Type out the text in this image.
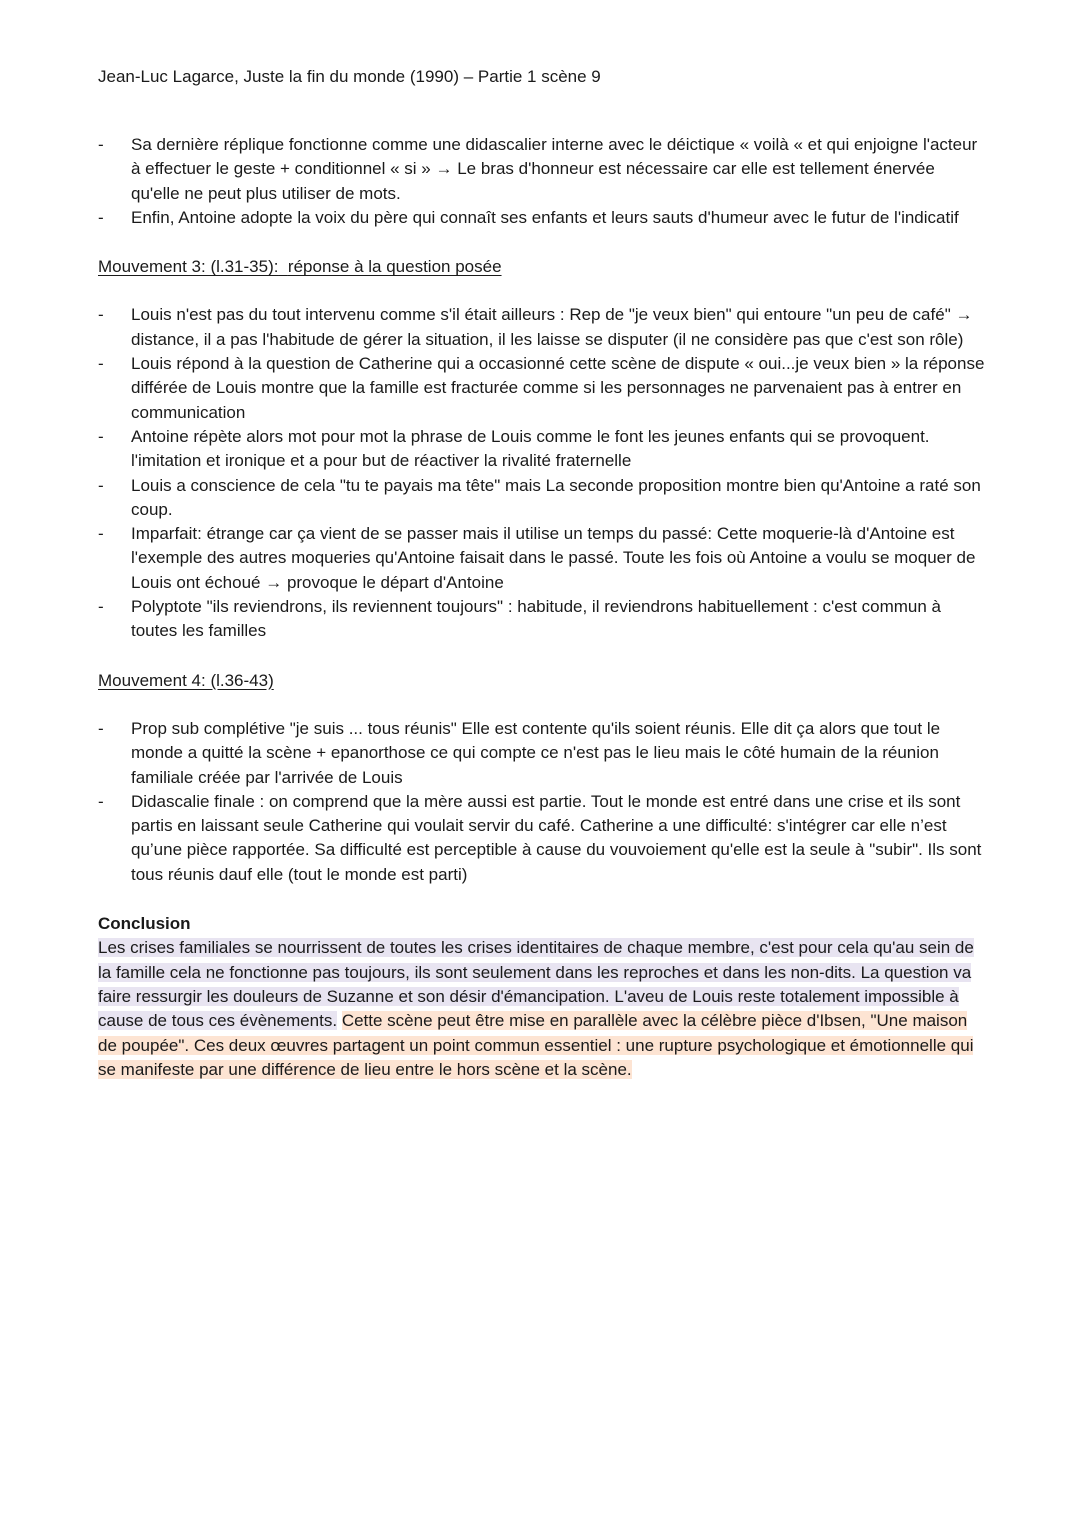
Jean-Luc Lagarce, Juste la fin du monde (1990) – Partie 1 scène 9
- Sa dernière réplique fonctionne comme une didascalier interne avec le déictique « voilà « et qui enjoigne l'acteur à effectuer le geste + conditionnel « si » → Le bras d'honneur est nécessaire car elle est tellement énervée qu'elle ne peut plus utiliser de mots.
- Enfin, Antoine adopte la voix du père qui connaît ses enfants et leurs sauts d'humeur avec le futur de l'indicatif

Mouvement 3: (l.31-35): réponse à la question posée

- Louis n'est pas du tout intervenu comme s'il était ailleurs : Rep de "je veux bien" qui entoure "un peu de café" → distance, il a pas l'habitude de gérer la situation, il les laisse se disputer (il ne considère pas que c'est son rôle)
- Louis répond à la question de Catherine qui a occasionné cette scène de dispute « oui...je veux bien » la réponse différée de Louis montre que la famille est fracturée comme si les personnages ne parvenaient pas à entrer en communication
- Antoine répète alors mot pour mot la phrase de Louis comme le font les jeunes enfants qui se provoquent. l'imitation et ironique et a pour but de réactiver la rivalité fraternelle
- Louis a conscience de cela "tu te payais ma tête" mais La seconde proposition montre bien qu'Antoine a raté son coup.
- Imparfait: étrange car ça vient de se passer mais il utilise un temps du passé: Cette moquerie-là d'Antoine est l'exemple des autres moqueries qu'Antoine faisait dans le passé. Toute les fois où Antoine a voulu se moquer de Louis ont échoué → provoque le départ d'Antoine
- Polyptote "ils reviendrons, ils reviennent toujours" : habitude, il reviendrons habituellement : c'est commun à toutes les familles

Mouvement 4: (l.36-43)

- Prop sub complétive "je suis ... tous réunis" Elle est contente qu'ils soient réunis. Elle dit ça alors que tout le monde a quitté la scène + epanorthose ce qui compte ce n'est pas le lieu mais le côté humain de la réunion familiale créée par l'arrivée de Louis
- Didascalie finale : on comprend que la mère aussi est partie. Tout le monde est entré dans une crise et ils sont partis en laissant seule Catherine qui voulait servir du café. Catherine a une difficulté: s'intégrer car elle n’est qu’une pièce rapportée. Sa difficulté est perceptible à cause du vouvoiement qu'elle est la seule à "subir". Ils sont tous réunis dauf elle (tout le monde est parti)

Conclusion

Les crises familiales se nourrissent de toutes les crises identitaires de chaque membre, c'est pour cela qu'au sein de la famille cela ne fonctionne pas toujours, ils sont seulement dans les reproches et dans les non-dits. La question va faire ressurgir les douleurs de Suzanne et son désir d'émancipation. L'aveu de Louis reste totalement impossible à cause de tous ces évènements. Cette scène peut être mise en parallèle avec la célèbre pièce d'Ibsen, "Une maison de poupée". Ces deux œuvres partagent un point commun essentiel : une rupture psychologique et émotionnelle qui se manifeste par une différence de lieu entre le hors scène et la scène.
